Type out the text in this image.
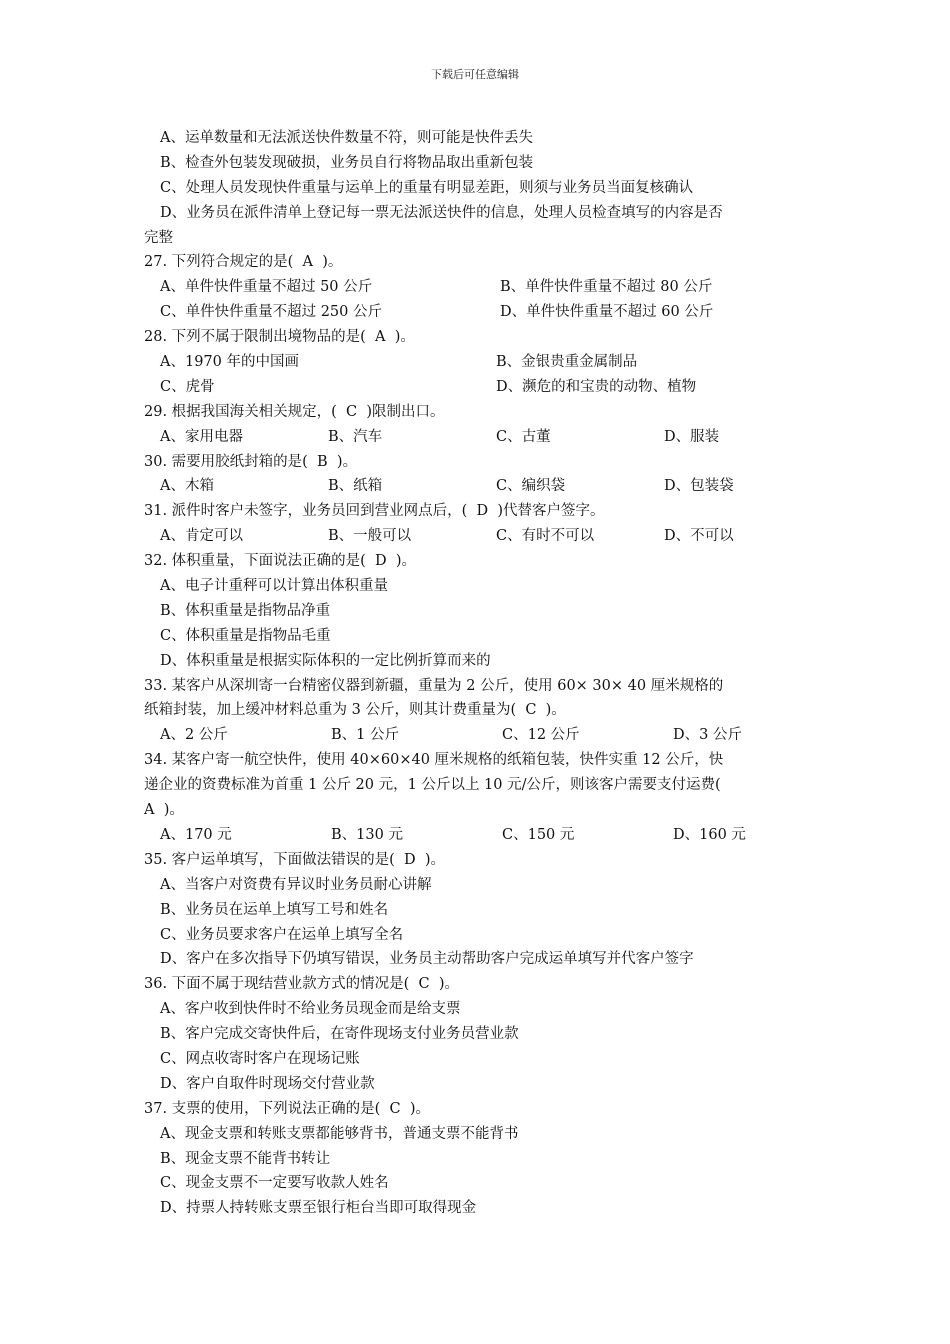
下载后可任意编辑
A、运单数量和无法派送快件数量不符，则可能是快件丢失
B、检查外包装发现破损，业务员自行将物品取出重新包装
C、处理人员发现快件重量与运单上的重量有明显差距，则须与业务员当面复核确认
D、业务员在派件清单上登记每一票无法派送快件的信息，处理人员检查填写的内容是否
完整
27. 下列符合规定的是(  A  )。
A、单件快件重量不超过 50 公斤	B、单件快件重量不超过 80 公斤
C、单件快件重量不超过 250 公斤	D、单件快件重量不超过 60 公斤
28. 下列不属于限制出境物品的是(  A  )。
A、1970 年的中国画	B、金银贵重金属制品
C、虎骨	D、濒危的和宝贵的动物、植物
29. 根据我国海关相关规定，(  C  )限制出口。
A、家用电器	B、汽车	C、古董	D、服装
30. 需要用胶纸封箱的是(  B  )。
A、木箱	B、纸箱	C、编织袋	D、包装袋
31. 派件时客户未签字，业务员回到营业网点后，(  D  )代替客户签字。
A、肯定可以	B、一般可以	C、有时不可以	D、不可以
32. 体积重量，下面说法正确的是(  D  )。
A、电子计重秤可以计算出体积重量
B、体积重量是指物品净重
C、体积重量是指物品毛重
D、体积重量是根据实际体积的一定比例折算而来的
33. 某客户从深圳寄一台精密仪器到新疆，重量为 2 公斤，使用 60× 30× 40 厘米规格的
纸箱封装，加上缓冲材料总重为 3 公斤，则其计费重量为(  C  )。
A、2 公斤	B、1 公斤	C、12 公斤	D、3 公斤
34. 某客户寄一航空快件，使用 40×60×40 厘米规格的纸箱包装，快件实重 12 公斤，快
递企业的资费标准为首重 1 公斤 20 元，1 公斤以上 10 元/公斤，则该客户需要支付运费(
A  )。
A、170 元	B、130 元	C、150 元	D、160 元
35. 客户运单填写，下面做法错误的是(  D  )。
A、当客户对资费有异议时业务员耐心讲解
B、业务员在运单上填写工号和姓名
C、业务员要求客户在运单上填写全名
D、客户在多次指导下仍填写错误，业务员主动帮助客户完成运单填写并代客户签字
36. 下面不属于现结营业款方式的情况是(  C  )。
A、客户收到快件时不给业务员现金而是给支票
B、客户完成交寄快件后，在寄件现场支付业务员营业款
C、网点收寄时客户在现场记账
D、客户自取件时现场交付营业款
37. 支票的使用，下列说法正确的是(  C  )。
A、现金支票和转账支票都能够背书，普通支票不能背书
B、现金支票不能背书转让
C、现金支票不一定要写收款人姓名
D、持票人持转账支票至银行柜台当即可取得现金
